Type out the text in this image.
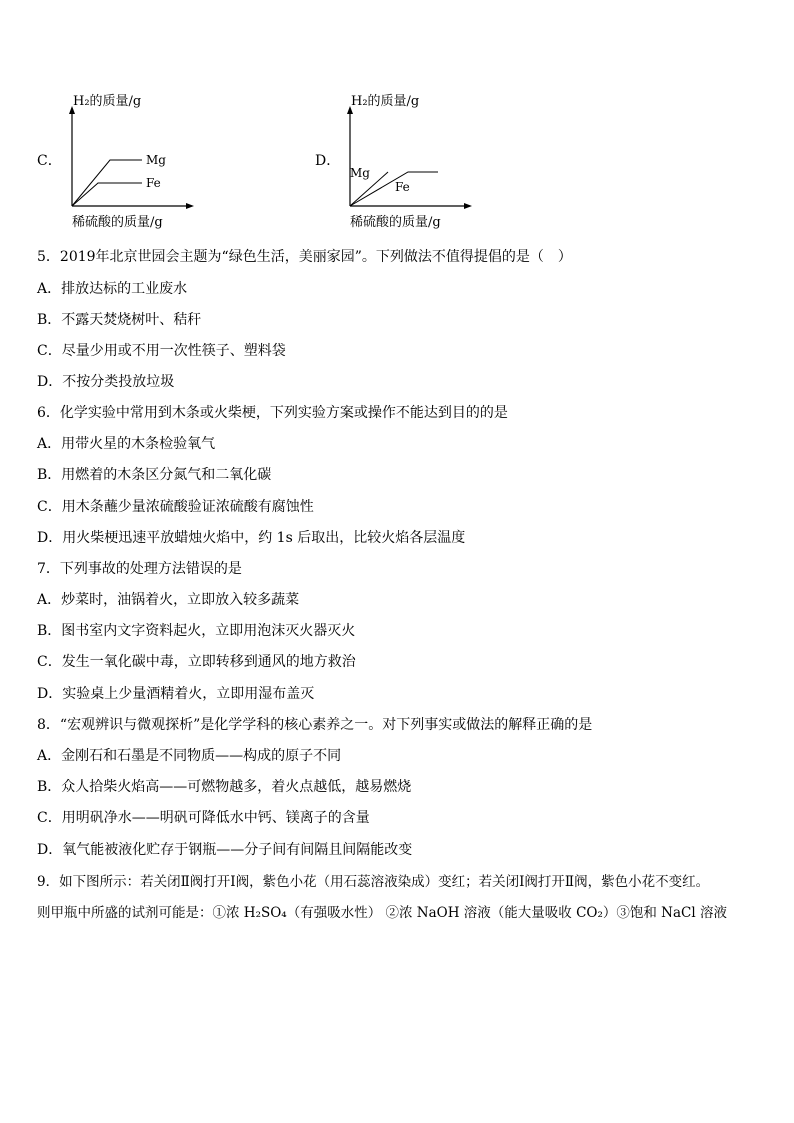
C．
H₂的质量/g
稀硫酸的质量/g
Mg
Fe
D．
H₂的质量/g
稀硫酸的质量/g
Mg
Fe
5．2019年北京世园会主题为“绿色生活，美丽家园”。下列做法不值得提倡的是（　）
A．排放达标的工业废水
B．不露天焚烧树叶、秸秆
C．尽量少用或不用一次性筷子、塑料袋
D．不按分类投放垃圾
6．化学实验中常用到木条或火柴梗，下列实验方案或操作不能达到目的的是
A．用带火星的木条检验氧气
B．用燃着的木条区分氮气和二氧化碳
C．用木条蘸少量浓硫酸验证浓硫酸有腐蚀性
D．用火柴梗迅速平放蜡烛火焰中，约 1s 后取出，比较火焰各层温度
7．下列事故的处理方法错误的是
A．炒菜时，油锅着火，立即放入较多蔬菜
B．图书室内文字资料起火，立即用泡沫灭火器灭火
C．发生一氧化碳中毒，立即转移到通风的地方救治
D．实验桌上少量酒精着火，立即用湿布盖灭
8．“宏观辨识与微观探析”是化学学科的核心素养之一。对下列事实或做法的解释正确的是
A．金刚石和石墨是不同物质——构成的原子不同
B．众人拾柴火焰高——可燃物越多，着火点越低，越易燃烧
C．用明矾净水——明矾可降低水中钙、镁离子的含量
D．氧气能被液化贮存于钢瓶——分子间有间隔且间隔能改变
9．如下图所示：若关闭Ⅱ阀打开Ⅰ阀，紫色小花（用石蕊溶液染成）变红；若关闭Ⅰ阀打开Ⅱ阀，紫色小花不变红。
则甲瓶中所盛的试剂可能是：①浓 H₂SO₄（有强吸水性） ②浓 NaOH 溶液（能大量吸收 CO₂）③饱和 NaCl 溶液
